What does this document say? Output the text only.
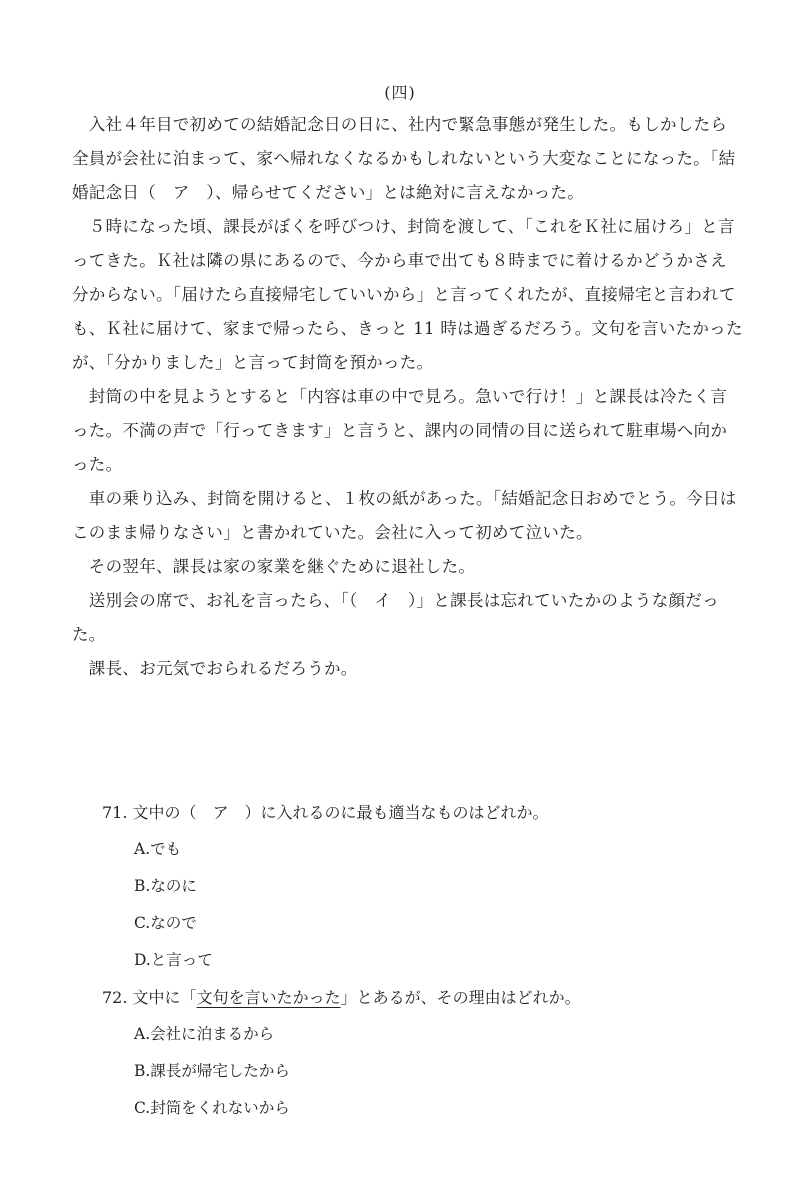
(四)
　入社４年目で初めての結婚記念日の日に、社内で緊急事態が発生した。もしかしたら
全員が会社に泊まって、家へ帰れなくなるかもしれないという大変なことになった。「結
婚記念日（　ア　）、帰らせてください」とは絶対に言えなかった。
　５時になった頃、課長がぼくを呼びつけ、封筒を渡して、「これをＫ社に届けろ」と言
ってきた。Ｋ社は隣の県にあるので、今から車で出ても８時までに着けるかどうかさえ
分からない。「届けたら直接帰宅していいから」と言ってくれたが、直接帰宅と言われて
も、Ｋ社に届けて、家まで帰ったら、きっと 11 時は過ぎるだろう。文句を言いたかった
が、「分かりました」と言って封筒を預かった。
　封筒の中を見ようとすると「内容は車の中で見ろ。急いで行け！」と課長は冷たく言
った。不満の声で「行ってきます」と言うと、課内の同情の目に送られて駐車場へ向か
った。
　車の乗り込み、封筒を開けると、１枚の紙があった。「結婚記念日おめでとう。今日は
このまま帰りなさい」と書かれていた。会社に入って初めて泣いた。
　その翌年、課長は家の家業を継ぐために退社した。
　送別会の席で、お礼を言ったら、「（　イ　）」と課長は忘れていたかのような顔だっ
た。
　課長、お元気でおられるだろうか。
71. 文中の（　ア　）に入れるのに最も適当なものはどれか。
A.でも
B.なのに
C.なので
D.と言って
72. 文中に「文句を言いたかった」とあるが、その理由はどれか。
A.会社に泊まるから
B.課長が帰宅したから
C.封筒をくれないから
